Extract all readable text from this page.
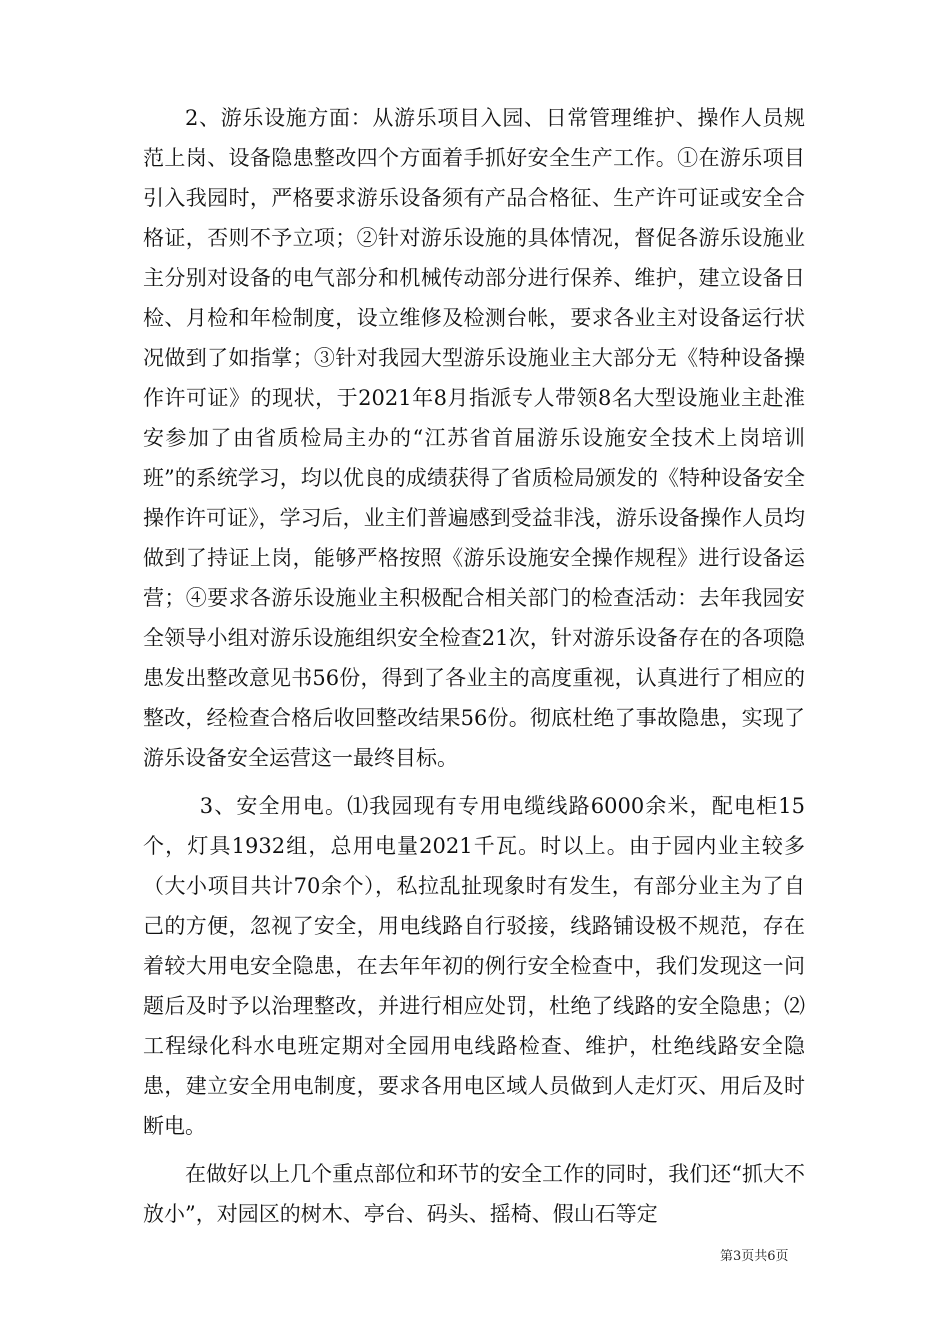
2、游乐设施方面：从游乐项目入园、日常管理维护、操作人员规范上岗、设备隐患整改四个方面着手抓好安全生产工作。①在游乐项目引入我园时，严格要求游乐设备须有产品合格征、生产许可证或安全合格证，否则不予立项；②针对游乐设施的具体情况，督促各游乐设施业主分别对设备的电气部分和机械传动部分进行保养、维护，建立设备日检、月检和年检制度，设立维修及检测台帐，要求各业主对设备运行状况做到了如指掌；③针对我园大型游乐设施业主大部分无《特种设备操作许可证》的现状，于2021年8月指派专人带领8名大型设施业主赴淮安参加了由省质检局主办的“江苏省首届游乐设施安全技术上岗培训班”的系统学习，均以优良的成绩获得了省质检局颁发的《特种设备安全操作许可证》，学习后，业主们普遍感到受益非浅，游乐设备操作人员均做到了持证上岗，能够严格按照《游乐设施安全操作规程》进行设备运营；④要求各游乐设施业主积极配合相关部门的检查活动：去年我园安全领导小组对游乐设施组织安全检查21次，针对游乐设备存在的各项隐患发出整改意见书56份，得到了各业主的高度重视，认真进行了相应的整改，经检查合格后收回整改结果56份。彻底杜绝了事故隐患，实现了游乐设备安全运营这一最终目标。

3、安全用电。⑴我园现有专用电缆线路6000余米，配电柜15个，灯具1932组，总用电量2021千瓦。时以上。由于园内业主较多（大小项目共计70余个），私拉乱扯现象时有发生，有部分业主为了自己的方便，忽视了安全，用电线路自行驳接，线路铺设极不规范，存在着较大用电安全隐患，在去年年初的例行安全检查中，我们发现这一问题后及时予以治理整改，并进行相应处罚，杜绝了线路的安全隐患；⑵工程绿化科水电班定期对全园用电线路检查、维护，杜绝线路安全隐患，建立安全用电制度，要求各用电区域人员做到人走灯灭、用后及时断电。

在做好以上几个重点部位和环节的安全工作的同时，我们还“抓大不放小”，对园区的树木、亭台、码头、摇椅、假山石等定

第3页共6页
